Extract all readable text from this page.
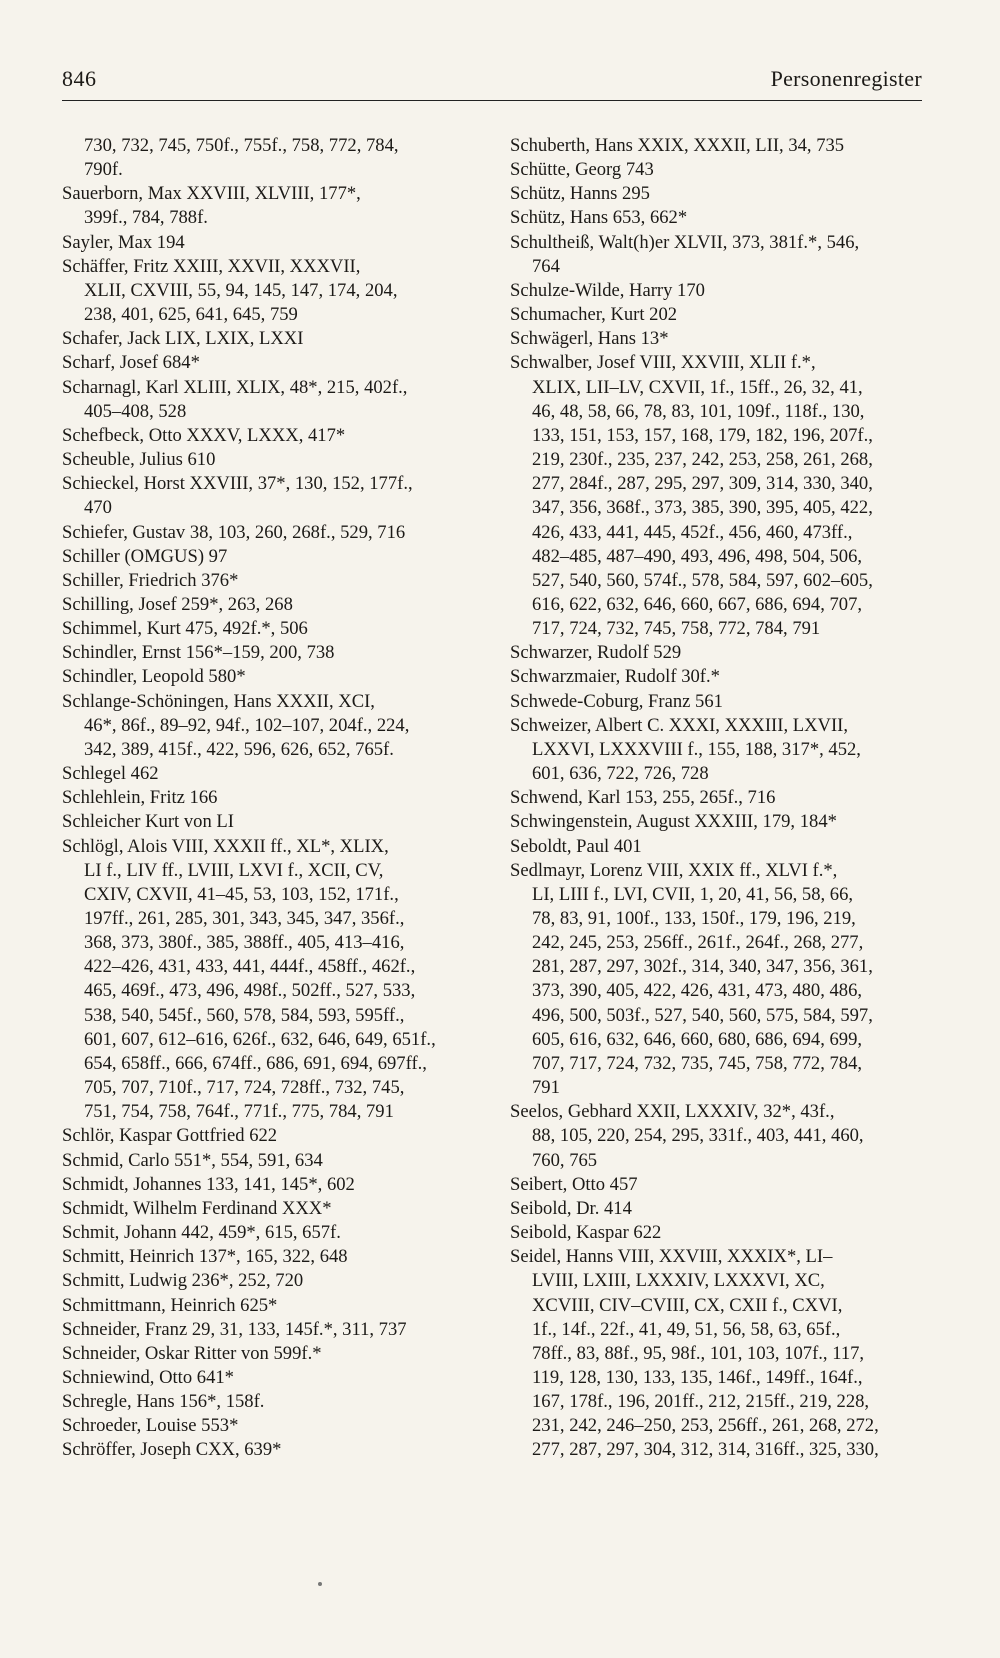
846	Personenregister
730, 732, 745, 750f., 755f., 758, 772, 784,
790f.
Sauerborn, Max XXVIII, XLVIII, 177*,
399f., 784, 788f.
Sayler, Max 194
Schäffer, Fritz XXIII, XXVII, XXXVII,
XLII, CXVIII, 55, 94, 145, 147, 174, 204,
238, 401, 625, 641, 645, 759
Schafer, Jack LIX, LXIX, LXXI
Scharf, Josef 684*
Scharnagl, Karl XLIII, XLIX, 48*, 215, 402f.,
405–408, 528
Schefbeck, Otto XXXV, LXXX, 417*
Scheuble, Julius 610
Schieckel, Horst XXVIII, 37*, 130, 152, 177f.,
470
Schiefer, Gustav 38, 103, 260, 268f., 529, 716
Schiller (OMGUS) 97
Schiller, Friedrich 376*
Schilling, Josef 259*, 263, 268
Schimmel, Kurt 475, 492f.*, 506
Schindler, Ernst 156*–159, 200, 738
Schindler, Leopold 580*
Schlange-Schöningen, Hans XXXII, XCI,
46*, 86f., 89–92, 94f., 102–107, 204f., 224,
342, 389, 415f., 422, 596, 626, 652, 765f.
Schlegel 462
Schlehlein, Fritz 166
Schleicher Kurt von LI
Schlögl, Alois VIII, XXXII ff., XL*, XLIX,
LI f., LIV ff., LVIII, LXVI f., XCII, CV,
CXIV, CXVII, 41–45, 53, 103, 152, 171f.,
197ff., 261, 285, 301, 343, 345, 347, 356f.,
368, 373, 380f., 385, 388ff., 405, 413–416,
422–426, 431, 433, 441, 444f., 458ff., 462f.,
465, 469f., 473, 496, 498f., 502ff., 527, 533,
538, 540, 545f., 560, 578, 584, 593, 595ff.,
601, 607, 612–616, 626f., 632, 646, 649, 651f.,
654, 658ff., 666, 674ff., 686, 691, 694, 697ff.,
705, 707, 710f., 717, 724, 728ff., 732, 745,
751, 754, 758, 764f., 771f., 775, 784, 791
Schlör, Kaspar Gottfried 622
Schmid, Carlo 551*, 554, 591, 634
Schmidt, Johannes 133, 141, 145*, 602
Schmidt, Wilhelm Ferdinand XXX*
Schmit, Johann 442, 459*, 615, 657f.
Schmitt, Heinrich 137*, 165, 322, 648
Schmitt, Ludwig 236*, 252, 720
Schmittmann, Heinrich 625*
Schneider, Franz 29, 31, 133, 145f.*, 311, 737
Schneider, Oskar Ritter von 599f.*
Schniewind, Otto 641*
Schregle, Hans 156*, 158f.
Schroeder, Louise 553*
Schröffer, Joseph CXX, 639*
Schuberth, Hans XXIX, XXXII, LII, 34, 735
Schütte, Georg 743
Schütz, Hanns 295
Schütz, Hans 653, 662*
Schultheiß, Walt(h)er XLVII, 373, 381f.*, 546,
764
Schulze-Wilde, Harry 170
Schumacher, Kurt 202
Schwägerl, Hans 13*
Schwalber, Josef VIII, XXVIII, XLII f.*,
XLIX, LII–LV, CXVII, 1f., 15ff., 26, 32, 41,
46, 48, 58, 66, 78, 83, 101, 109f., 118f., 130,
133, 151, 153, 157, 168, 179, 182, 196, 207f.,
219, 230f., 235, 237, 242, 253, 258, 261, 268,
277, 284f., 287, 295, 297, 309, 314, 330, 340,
347, 356, 368f., 373, 385, 390, 395, 405, 422,
426, 433, 441, 445, 452f., 456, 460, 473ff.,
482–485, 487–490, 493, 496, 498, 504, 506,
527, 540, 560, 574f., 578, 584, 597, 602–605,
616, 622, 632, 646, 660, 667, 686, 694, 707,
717, 724, 732, 745, 758, 772, 784, 791
Schwarzer, Rudolf 529
Schwarzmaier, Rudolf 30f.*
Schwede-Coburg, Franz 561
Schweizer, Albert C. XXXI, XXXIII, LXVII,
LXXVI, LXXXVIII f., 155, 188, 317*, 452,
601, 636, 722, 726, 728
Schwend, Karl 153, 255, 265f., 716
Schwingenstein, August XXXIII, 179, 184*
Seboldt, Paul 401
Sedlmayr, Lorenz VIII, XXIX ff., XLVI f.*,
LI, LIII f., LVI, CVII, 1, 20, 41, 56, 58, 66,
78, 83, 91, 100f., 133, 150f., 179, 196, 219,
242, 245, 253, 256ff., 261f., 264f., 268, 277,
281, 287, 297, 302f., 314, 340, 347, 356, 361,
373, 390, 405, 422, 426, 431, 473, 480, 486,
496, 500, 503f., 527, 540, 560, 575, 584, 597,
605, 616, 632, 646, 660, 680, 686, 694, 699,
707, 717, 724, 732, 735, 745, 758, 772, 784,
791
Seelos, Gebhard XXII, LXXXIV, 32*, 43f.,
88, 105, 220, 254, 295, 331f., 403, 441, 460,
760, 765
Seibert, Otto 457
Seibold, Dr. 414
Seibold, Kaspar 622
Seidel, Hanns VIII, XXVIII, XXXIX*, LI–
LVIII, LXIII, LXXXIV, LXXXVI, XC,
XCVIII, CIV–CVIII, CX, CXII f., CXVI,
1f., 14f., 22f., 41, 49, 51, 56, 58, 63, 65f.,
78ff., 83, 88f., 95, 98f., 101, 103, 107f., 117,
119, 128, 130, 133, 135, 146f., 149ff., 164f.,
167, 178f., 196, 201ff., 212, 215ff., 219, 228,
231, 242, 246–250, 253, 256ff., 261, 268, 272,
277, 287, 297, 304, 312, 314, 316ff., 325, 330,
